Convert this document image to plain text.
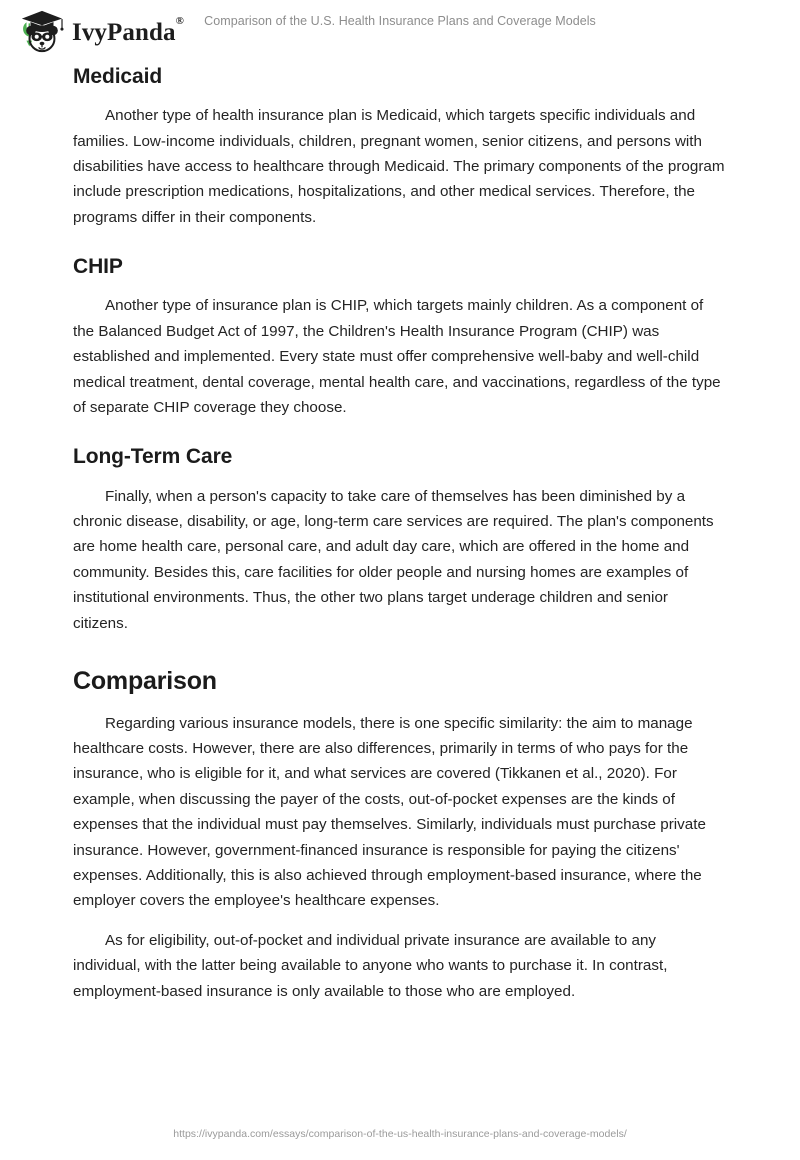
IvyPanda®	Comparison of the U.S. Health Insurance Plans and Coverage Models
Medicaid

Another type of health insurance plan is Medicaid, which targets specific individuals and families. Low-income individuals, children, pregnant women, senior citizens, and persons with disabilities have access to healthcare through Medicaid. The primary components of the program include prescription medications, hospitalizations, and other medical services. Therefore, the programs differ in their components.

CHIP

Another type of insurance plan is CHIP, which targets mainly children. As a component of the Balanced Budget Act of 1997, the Children's Health Insurance Program (CHIP) was established and implemented. Every state must offer comprehensive well-baby and well-child medical treatment, dental coverage, mental health care, and vaccinations, regardless of the type of separate CHIP coverage they choose.

Long-Term Care

Finally, when a person's capacity to take care of themselves has been diminished by a chronic disease, disability, or age, long-term care services are required. The plan's components are home health care, personal care, and adult day care, which are offered in the home and community. Besides this, care facilities for older people and nursing homes are examples of institutional environments. Thus, the other two plans target underage children and senior citizens.

Comparison

Regarding various insurance models, there is one specific similarity: the aim to manage healthcare costs. However, there are also differences, primarily in terms of who pays for the insurance, who is eligible for it, and what services are covered (Tikkanen et al., 2020). For example, when discussing the payer of the costs, out-of-pocket expenses are the kinds of expenses that the individual must pay themselves. Similarly, individuals must purchase private insurance. However, government-financed insurance is responsible for paying the citizens' expenses. Additionally, this is also achieved through employment-based insurance, where the employer covers the employee's healthcare expenses.

As for eligibility, out-of-pocket and individual private insurance are available to any individual, with the latter being available to anyone who wants to purchase it. In contrast, employment-based insurance is only available to those who are employed.

https://ivypanda.com/essays/comparison-of-the-us-health-insurance-plans-and-coverage-models/
